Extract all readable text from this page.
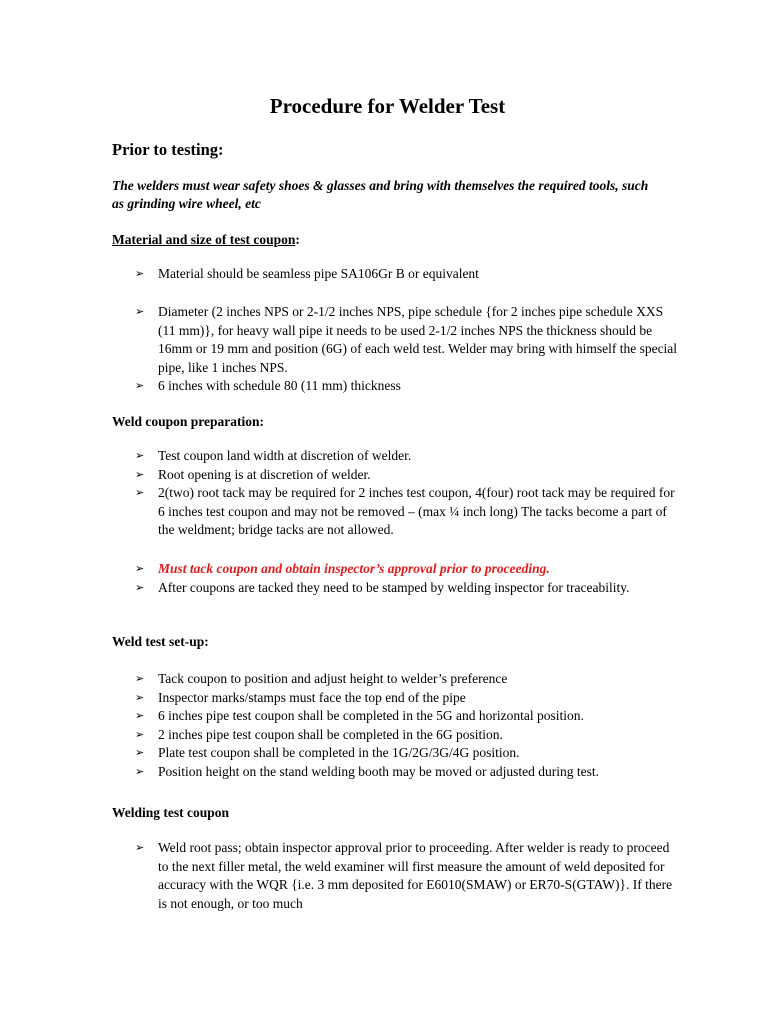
Procedure for Welder Test
Prior to testing:
The welders must wear safety shoes & glasses and bring with themselves the required tools, such as grinding wire wheel, etc
Material and size of test coupon:
➢ Material should be seamless pipe SA106Gr B or equivalent
➢ Diameter (2 inches NPS or 2-1/2 inches NPS, pipe schedule {for 2 inches pipe schedule XXS (11 mm)}, for heavy wall pipe it needs to be used 2-1/2 inches NPS the thickness should be 16mm or 19 mm and position (6G) of each weld test. Welder may bring with himself the special pipe, like 1 inches NPS.
➢ 6 inches with schedule 80 (11 mm) thickness
Weld coupon preparation:
➢ Test coupon land width at discretion of welder.
➢ Root opening is at discretion of welder.
➢ 2(two) root tack may be required for 2 inches test coupon, 4(four) root tack may be required for 6 inches test coupon and may not be removed – (max ¼ inch long) The tacks become a part of the weldment; bridge tacks are not allowed.
➢ Must tack coupon and obtain inspector’s approval prior to proceeding.
➢ After coupons are tacked they need to be stamped by welding inspector for traceability.
Weld test set-up:
➢ Tack coupon to position and adjust height to welder’s preference
➢ Inspector marks/stamps must face the top end of the pipe
➢ 6 inches pipe test coupon shall be completed in the 5G and horizontal position.
➢ 2 inches pipe test coupon shall be completed in the 6G position.
➢ Plate test coupon shall be completed in the 1G/2G/3G/4G position.
➢ Position height on the stand welding booth may be moved or adjusted during test.
Welding test coupon
➢ Weld root pass; obtain inspector approval prior to proceeding. After welder is ready to proceed to the next filler metal, the weld examiner will first measure the amount of weld deposited for accuracy with the WQR {i.e. 3 mm deposited for E6010(SMAW) or ER70-S(GTAW)}. If there is not enough, or too much
